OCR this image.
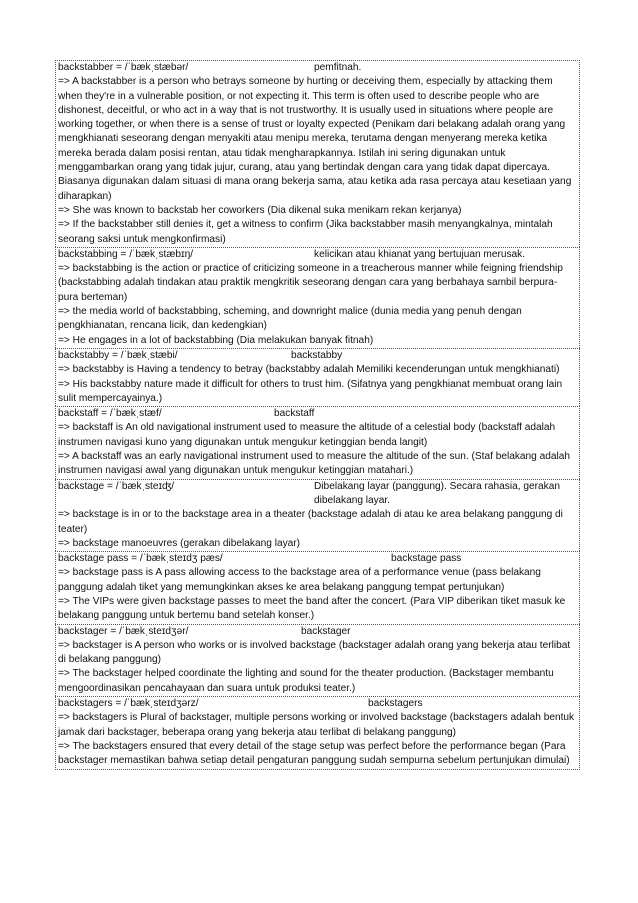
backstabber = /ˈbækˌstæbər/	pemfitnah.
=> A backstabber is a person who betrays someone by hurting or deceiving them, especially by attacking them when they're in a vulnerable position, or not expecting it. This term is often used to describe people who are dishonest, deceitful, or who act in a way that is not trustworthy. It is usually used in situations where people are working together, or when there is a sense of trust or loyalty expected (Penikam dari belakang adalah orang yang mengkhianati seseorang dengan menyakiti atau menipu mereka, terutama dengan menyerang mereka ketika mereka berada dalam posisi rentan, atau tidak mengharapkannya. Istilah ini sering digunakan untuk menggambarkan orang yang tidak jujur, curang, atau yang bertindak dengan cara yang tidak dapat dipercaya. Biasanya digunakan dalam situasi di mana orang bekerja sama, atau ketika ada rasa percaya atau kesetiaan yang diharapkan)
=> She was known to backstab her coworkers (Dia dikenal suka menikam rekan kerjanya)
=> If the backstabber still denies it, get a witness to confirm (Jika backstabber masih menyangkalnya, mintalah seorang saksi untuk mengkonfirmasi)
backstabbing = /ˈbækˌstæbɪŋ/	kelicikan atau khianat yang bertujuan merusak.
=> backstabbing is the action or practice of criticizing someone in a treacherous manner while feigning friendship (backstabbing adalah tindakan atau praktik mengkritik seseorang dengan cara yang berbahaya sambil berpura-pura berteman)
=> the media world of backstabbing, scheming, and downright malice (dunia media yang penuh dengan pengkhianatan, rencana licik, dan kedengkian)
=> He engages in a lot of backstabbing (Dia melakukan banyak fitnah)
backstabby = /ˈbækˌstæbi/	backstabby
=> backstabby is Having a tendency to betray (backstabby adalah Memiliki kecenderungan untuk mengkhianati)
=> His backstabby nature made it difficult for others to trust him. (Sifatnya yang pengkhianat membuat orang lain sulit mempercayainya.)
backstaff = /ˈbækˌstæf/	backstaff
=> backstaff is An old navigational instrument used to measure the altitude of a celestial body (backstaff adalah instrumen navigasi kuno yang digunakan untuk mengukur ketinggian benda langit)
=> A backstaff was an early navigational instrument used to measure the altitude of the sun. (Staf belakang adalah instrumen navigasi awal yang digunakan untuk mengukur ketinggian matahari.)
backstage = /ˈbækˌsteɪʤ/	Dibelakang layar (panggung). Secara rahasia, gerakan dibelakang layar.
=> backstage is in or to the backstage area in a theater (backstage adalah di atau ke area belakang panggung di teater)
=> backstage manoeuvres (gerakan dibelakang layar)
backstage pass = /ˈbækˌsteɪdʒ pæs/	backstage pass
=> backstage pass is A pass allowing access to the backstage area of a performance venue (pass belakang panggung adalah tiket yang memungkinkan akses ke area belakang panggung tempat pertunjukan)
=> The VIPs were given backstage passes to meet the band after the concert. (Para VIP diberikan tiket masuk ke belakang panggung untuk bertemu band setelah konser.)
backstager = /ˈbækˌsteɪdʒər/	backstager
=> backstager is A person who works or is involved backstage (backstager adalah orang yang bekerja atau terlibat di belakang panggung)
=> The backstager helped coordinate the lighting and sound for the theater production. (Backstager membantu mengoordinasikan pencahayaan dan suara untuk produksi teater.)
backstagers = /ˈbækˌsteɪdʒərz/	backstagers
=> backstagers is Plural of backstager, multiple persons working or involved backstage (backstagers adalah bentuk jamak dari backstager, beberapa orang yang bekerja atau terlibat di belakang panggung)
=> The backstagers ensured that every detail of the stage setup was perfect before the performance began (Para backstager memastikan bahwa setiap detail pengaturan panggung sudah sempurna sebelum pertunjukan dimulai)
